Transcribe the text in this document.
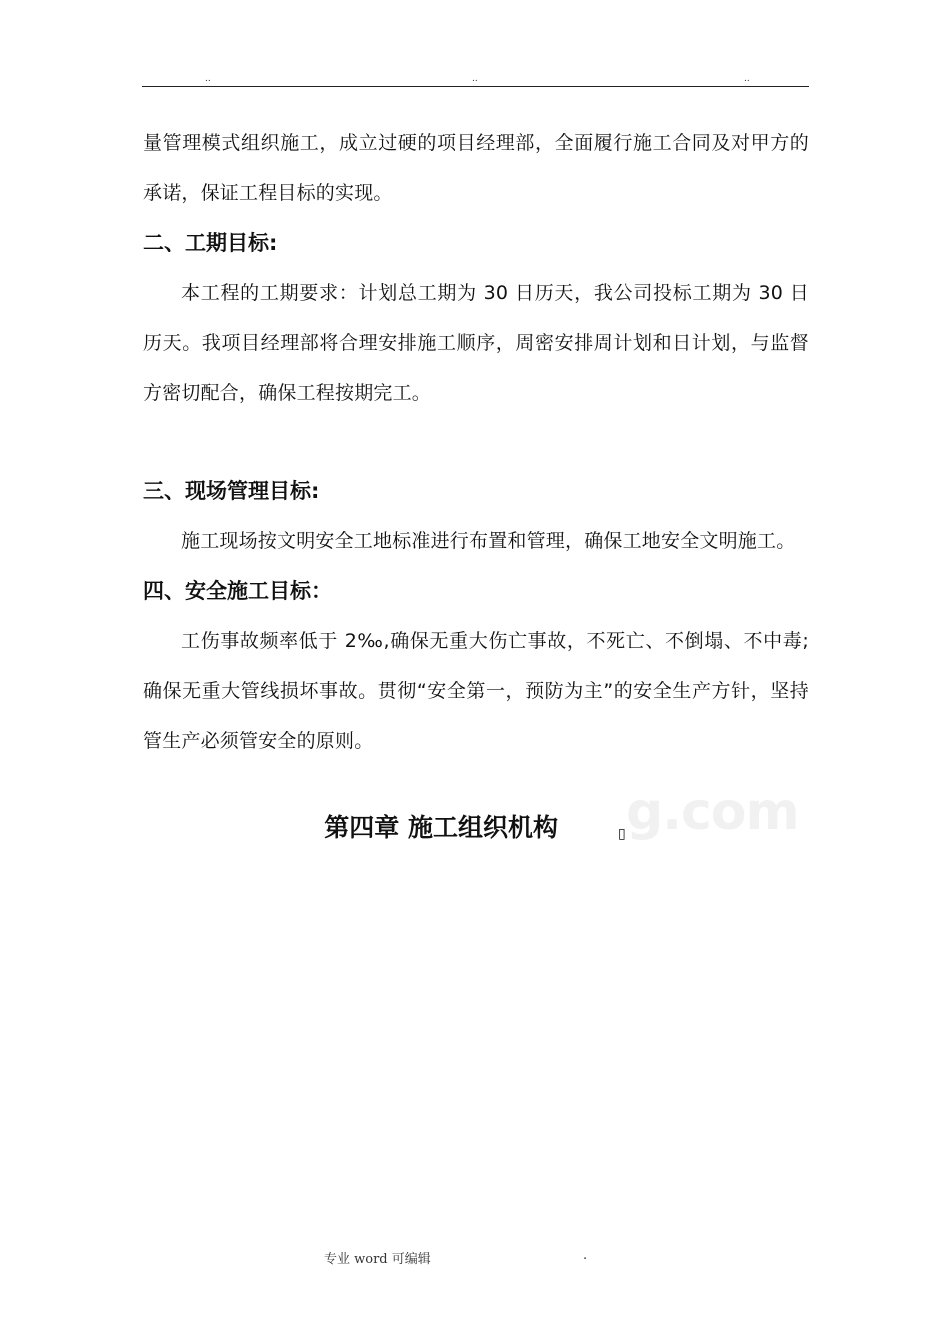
..	..	..

量管理模式组织施工，成立过硬的项目经理部，全面履行施工合同及对甲方的承诺，保证工程目标的实现。

二、工期目标:

本工程的工期要求：计划总工期为 30 日历天，我公司投标工期为 30 日历天。我项目经理部将合理安排施工顺序，周密安排周计划和日计划，与监督方密切配合，确保工程按期完工。

三、现场管理目标:

施工现场按文明安全工地标准进行布置和管理，确保工地安全文明施工。

四、安全施工目标：

工伤事故频率低于 2‰,确保无重大伤亡事故，不死亡、不倒塌、不中毒;确保无重大管线损坏事故。贯彻“安全第一，预防为主”的安全生产方针，坚持管生产必须管安全的原则。

g.com
第四章 施工组织机构	▯
专业 word 可编辑	.
